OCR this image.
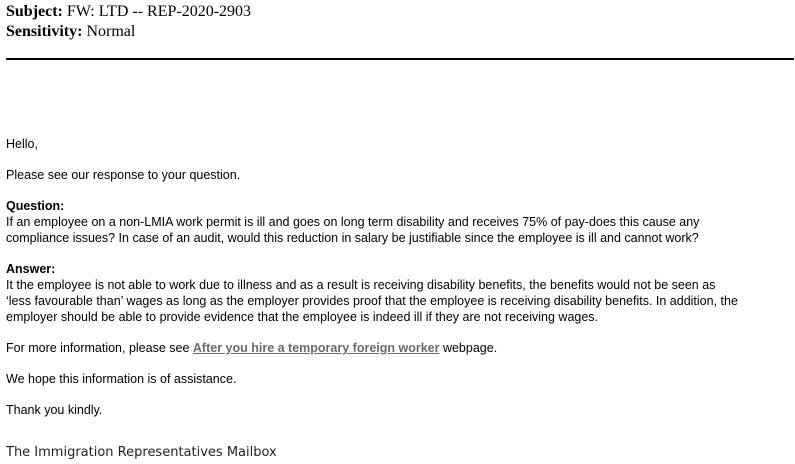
Subject: FW: LTD -- REP-2020-2903
Sensitivity: Normal

Hello,

Please see our response to your question.

Question:

If an employee on a non-LMIA work permit is ill and goes on long term disability and receives 75% of pay-does this cause any

compliance issues? In case of an audit, would this reduction in salary be justifiable since the employee is ill and cannot work?

Answer:

It the employee is not able to work due to illness and as a result is receiving disability benefits, the benefits would not be seen as

‘less favourable than’ wages as long as the employer provides proof that the employee is receiving disability benefits. In addition, the

employer should be able to provide evidence that the employee is indeed ill if they are not receiving wages.

For more information, please see After you hire a temporary foreign worker webpage.

We hope this information is of assistance.

Thank you kindly.

The Immigration Representatives Mailbox
